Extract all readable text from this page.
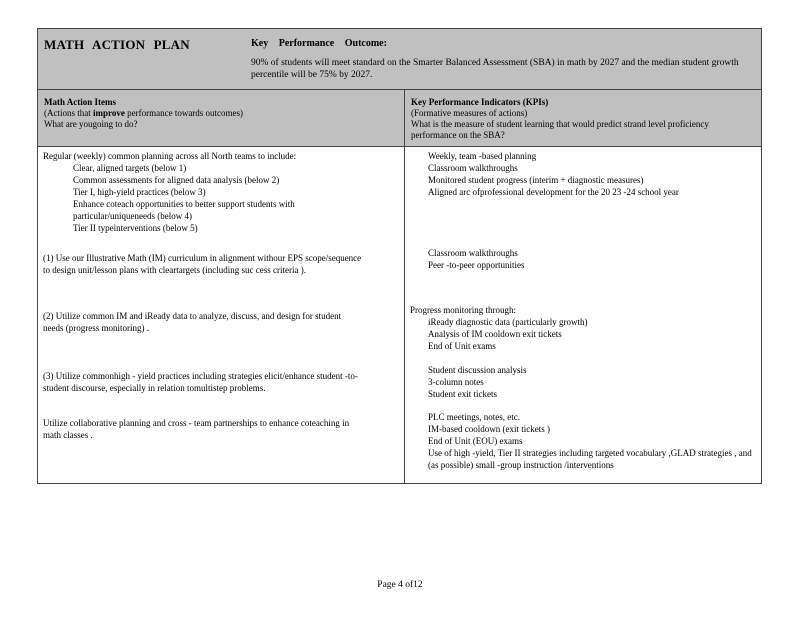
MATH ACTION PLAN	Key Performance Outcome:
90% of students will meet standard on the Smarter Balanced Assessment (SBA) in math by 2027 and the median student growth percentile will be 75% by 2027.
Math Action Items
(Actions that improve performance towards outcomes)
What are yougoing to do?
Key Performance Indicators (KPIs)
(Formative measures of actions)
What is the measure of student learning that would predict strand level proficiency performance on the SBA?
Regular (weekly) common planning across all North teams to include:
Clear, aligned targets (below 1)
Common assessments for aligned data analysis (below 2)
Tier I, high-yield practices (below 3)
Enhance coteach opportunities to better support students with particular/uniqueneeds (below 4)
Tier II typeinterventions (below 5)
Weekly, team -based planning
Classroom walkthroughs
Monitored student progress (interim + diagnostic measures)
Aligned arc ofprofessional development for the 20 23 -24 school year
(1) Use our Illustrative Math (IM) curriculum in alignment withour EPS scope/sequence to design unit/lesson plans with cleartargets (including suc cess criteria ).
Classroom walkthroughs
Peer -to-peer opportunities
(2) Utilize common IM and iReady data to analyze, discuss, and design for student needs (progress monitoring) .
Progress monitoring through:
iReady diagnostic data (particularly growth)
Analysis of IM cooldown exit tickets
End of Unit exams
(3) Utilize commonhigh - yield practices including strategies elicit/enhance student -to-student discourse, especially in relation tomultistep problems.
Student discussion analysis
3-column notes
Student exit tickets
Utilize collaborative planning and cross - team partnerships to enhance coteaching in math classes .
PLC meetings, notes, etc.
IM-based cooldown (exit tickets )
End of Unit (EOU) exams
Use of high -yield, Tier II strategies including targeted vocabulary ,GLAD strategies , and (as possible) small -group instruction /interventions
Page 4 of12
